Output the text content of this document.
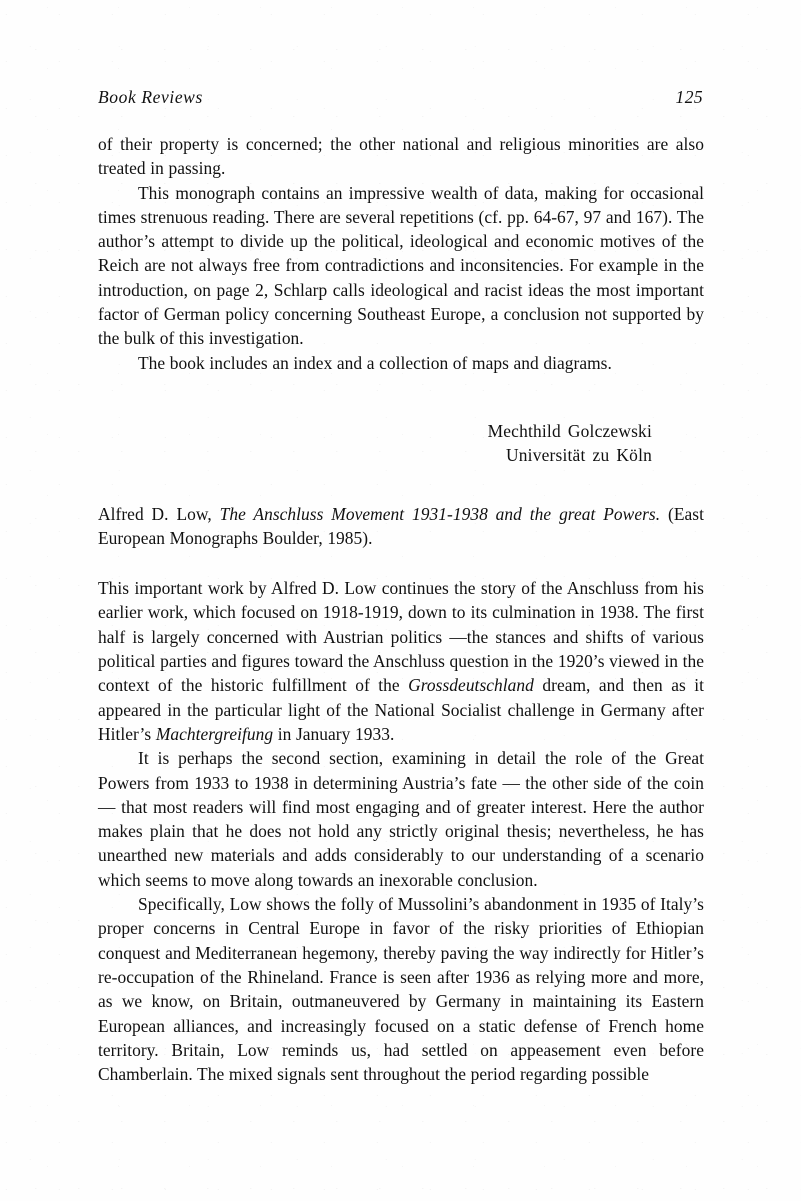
Book Reviews	125

of their property is concerned; the other national and religious minorities are also treated in passing.

This monograph contains an impressive wealth of data, making for occasional times strenuous reading. There are several repetitions (cf. pp. 64-67, 97 and 167). The author’s attempt to divide up the political, ideological and economic motives of the Reich are not always free from contradictions and inconsitencies. For example in the introduction, on page 2, Schlarp calls ideological and racist ideas the most important factor of German policy concerning Southeast Europe, a conclusion not supported by the bulk of this investigation.

The book includes an index and a collection of maps and diagrams.

Mechthild Golczewski
Universität zu Köln

Alfred D. Low, The Anschluss Movement 1931-1938 and the great Powers. (East European Monographs Boulder, 1985).

This important work by Alfred D. Low continues the story of the Anschluss from his earlier work, which focused on 1918-1919, down to its culmination in 1938. The first half is largely concerned with Austrian politics —the stances and shifts of various political parties and figures toward the Anschluss question in the 1920’s viewed in the context of the historic fulfillment of the Grossdeutschland dream, and then as it appeared in the particular light of the National Socialist challenge in Germany after Hitler’s Machtergreifung in January 1933.

It is perhaps the second section, examining in detail the role of the Great Powers from 1933 to 1938 in determining Austria’s fate — the other side of the coin — that most readers will find most engaging and of greater interest. Here the author makes plain that he does not hold any strictly original thesis; nevertheless, he has unearthed new materials and adds considerably to our understanding of a scenario which seems to move along towards an inexorable conclusion.

Specifically, Low shows the folly of Mussolini’s abandonment in 1935 of Italy’s proper concerns in Central Europe in favor of the risky priorities of Ethiopian conquest and Mediterranean hegemony, thereby paving the way indirectly for Hitler’s re-occupation of the Rhineland. France is seen after 1936 as relying more and more, as we know, on Britain, outmaneuvered by Germany in maintaining its Eastern European alliances, and increasingly focused on a static defense of French home territory. Britain, Low reminds us, had settled on appeasement even before Chamberlain. The mixed signals sent throughout the period regarding possible
